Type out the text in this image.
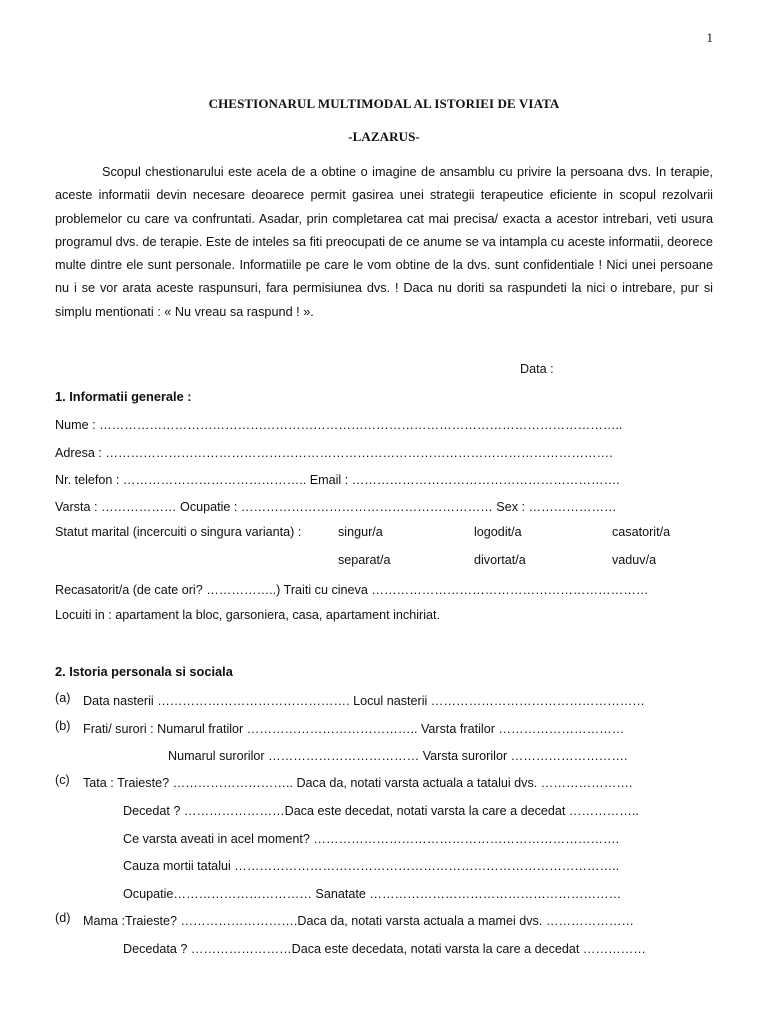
1
CHESTIONARUL MULTIMODAL AL ISTORIEI DE VIATA
-LAZARUS-

Scopul chestionarului este acela de a obtine o imagine de ansamblu cu privire la persoana dvs. In terapie, aceste informatii devin necesare deoarece permit gasirea unei strategii terapeutice eficiente in scopul rezolvarii problemelor cu care va confruntati. Asadar, prin completarea cat mai precisa/ exacta a acestor intrebari, veti usura programul dvs. de terapie. Este de inteles sa fiti preocupati de ce anume se va intampla cu aceste informatii, deorece multe dintre ele sunt personale. Informatiile pe care le vom obtine de la dvs. sunt confidentiale ! Nici unei persoane nu i se vor arata aceste raspunsuri, fara permisiunea dvs. ! Daca nu doriti sa raspundeti la nici o intrebare, pur si simplu mentionati : « Nu vreau sa raspund ! ».

Data :
1. Informatii generale :
Nume : ……………………………………………………………………………………………………………..
Adresa : ………………………………………………………………………………………………………….
Nr. telefon : …………………………………….. Email : ……………………………………………………….
Varsta : ……………… Ocupatie : …………………………………………………… Sex : …………………
Statut marital (incercuiti o singura varianta) :	singur/a	logodit/a	casatorit/a
separat/a	divortat/a	vaduv/a
Recasatorit/a (de cate ori? ……………..) Traiti cu cineva …………………………………………………………
Locuiti in : apartament la bloc, garsoniera, casa, apartament inchiriat.
2. Istoria personala si sociala
(a) Data nasterii ………………………………………. Locul nasterii ……………………………………………
(b) Frati/ surori : Numarul fratilor ………………………………….. Varsta fratilor …………………………
Numarul surorilor ……………………………… Varsta surorilor ……………………….
(c) Tata : Traieste? ……………………….. Daca da, notati varsta actuala a tatalui dvs. ………………….
Decedat ? ……………………Daca este decedat, notati varsta la care a decedat ……………..
Ce varsta aveati in acel moment? ……………………………………………………………….
Cauza mortii tatalui ………………………………………………………………………………..
Ocupatie…………………………… Sanatate ……………………………………………………
(d) Mama :Traieste? ……………………….Daca da, notati varsta actuala a mamei dvs. …………………
Decedata ? ……………………Daca este decedata, notati varsta la care a decedat ……………
